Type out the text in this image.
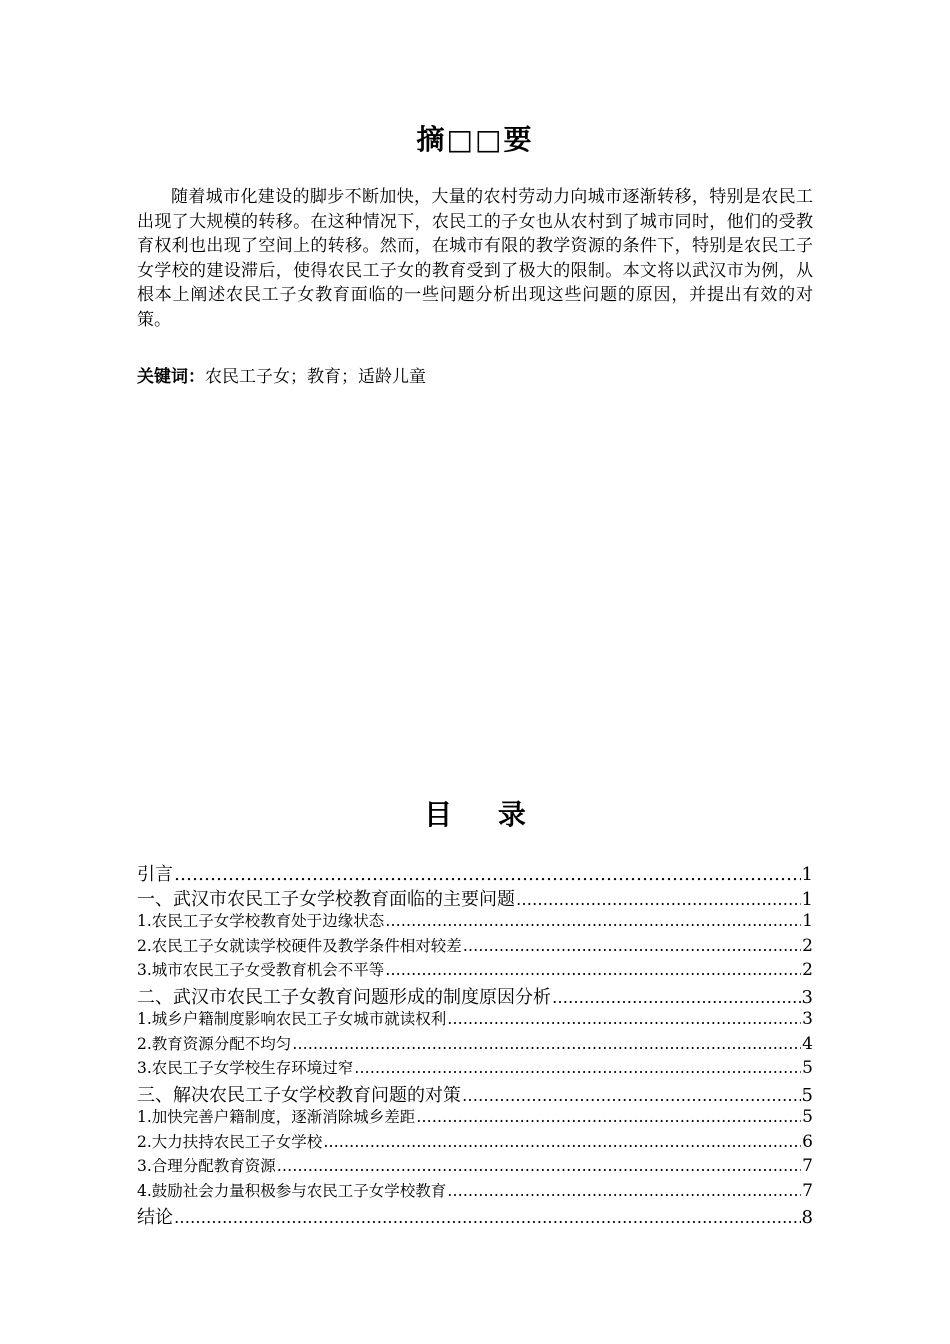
摘□□要

随着城市化建设的脚步不断加快，大量的农村劳动力向城市逐渐转移，特别是农民工出现了大规模的转移。在这种情况下，农民工的子女也从农村到了城市同时，他们的受教育权利也出现了空间上的转移。然而，在城市有限的教学资源的条件下，特别是农民工子女学校的建设滞后，使得农民工子女的教育受到了极大的限制。本文将以武汉市为例，从根本上阐述农民工子女教育面临的一些问题分析出现这些问题的原因，并提出有效的对策。

关键词：农民工子女；教育；适龄儿童
目 录
引言 ………………………………………………………………………………………………………………………………………………………………	1
一、武汉市农民工子女学校教育面临的主要问题 ………………………………………………………………………………………………………………………………………………………………	1
1.农民工子女学校教育处于边缘状态 ………………………………………………………………………………………………………………………………………………………………	1
2.农民工子女就读学校硬件及教学条件相对较差 ………………………………………………………………………………………………………………………………………………………………	2
3.城市农民工子女受教育机会不平等 ………………………………………………………………………………………………………………………………………………………………	2
二、武汉市农民工子女教育问题形成的制度原因分析 ………………………………………………………………………………………………………………………………………………………………	3
1.城乡户籍制度影响农民工子女城市就读权利 ………………………………………………………………………………………………………………………………………………………………	3
2.教育资源分配不均匀 ………………………………………………………………………………………………………………………………………………………………	4
3.农民工子女学校生存环境过窄 ………………………………………………………………………………………………………………………………………………………………	5
三、解决农民工子女学校教育问题的对策 ………………………………………………………………………………………………………………………………………………………………	5
1.加快完善户籍制度，逐渐消除城乡差距 ………………………………………………………………………………………………………………………………………………………………	5
2.大力扶持农民工子女学校 ………………………………………………………………………………………………………………………………………………………………	6
3.合理分配教育资源 ………………………………………………………………………………………………………………………………………………………………	7
4.鼓励社会力量积极参与农民工子女学校教育 ………………………………………………………………………………………………………………………………………………………………	7
结论 ………………………………………………………………………………………………………………………………………………………………	8
